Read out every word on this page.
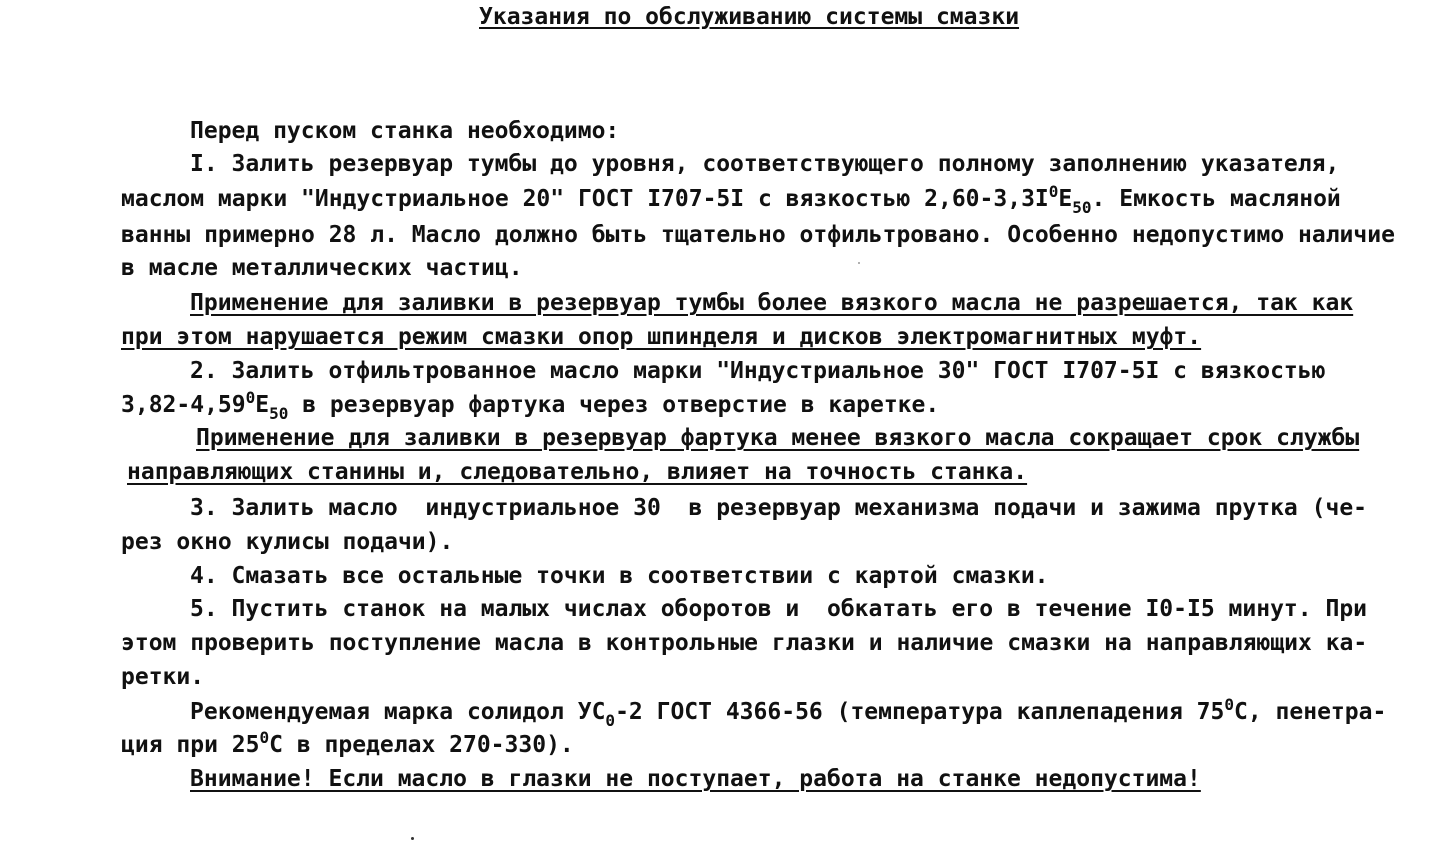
Указания по обслуживанию системы смазки
Перед пуском станка необходимо:
I. Залить резервуар тумбы до уровня, соответствующего полному заполнению указателя,
маслом марки "Индустриальное 20" ГОСТ I707-5I с вязкостью $2,60-3,3I^0Е_{50}$. Емкость масляной
ванны примерно 28 л. Масло должно быть тщательно отфильтровано. Особенно недопустимо наличие
в масле металлических частиц.
Применение для заливки в резервуар тумбы более вязкого масла не разрешается, так как
при этом нарушается режим смазки опор шпинделя и дисков электромагнитных муфт.
2. Залить отфильтрованное масло марки "Индустриальное 30" ГОСТ I707-5I с вязкостью
$3,82-4,59^0Е_{50}$ в резервуар фартука через отверстие в каретке.
Применение для заливки в резервуар фартука менее вязкого масла сокращает срок службы
направляющих станины и, следовательно, влияет на точность станка.
3. Залить масло  индустриальное 30  в резервуар механизма подачи и зажима прутка (че-
рез окно кулисы подачи).
4. Смазать все остальные точки в соответствии с картой смазки.
5. Пустить станок на малых числах оборотов и  обкатать его в течение I0-I5 минут. При
этом проверить поступление масла в контрольные глазки и наличие смазки на направляющих ка-
ретки.
Рекомендуемая марка солидол $УС_0-2$ ГОСТ 4366-56 (температура каплепадения $75^0С$, пенетра-
ция при $25^0С$ в пределах 270-330).
Внимание! Если масло в глазки не поступает, работа на станке недопустима!
